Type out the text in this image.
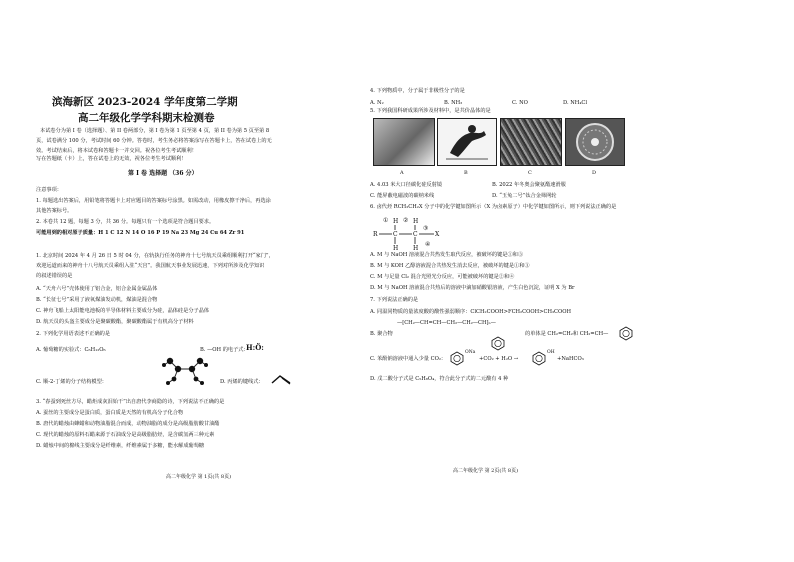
滨海新区 2023-2024 学年度第二学期
高二年级化学学科期末检测卷
本试卷分为第 I 卷（选择题）、第 II 卷两部分，第 I 卷为第 1 页至第 4 页，第 II 卷为第 5 页至第 8
页，试卷满分 100 分，考试时间 60 分钟。答卷时，考生务必将答案涂写在答题卡上，答在试卷上的无
效。考试结束后，将本试卷和答题卡一并交回。祝各位考生考试顺利！
写在答题纸（卡）上，答在试卷上的无效，祝各位考生考试顺利！
第 I 卷 选择题 （36 分）
注意事项：
1. 每题选出答案后，用铅笔将答题卡上对应题目的答案标号涂黑。如需改动，用橡皮擦干净后，再选涂
其他答案标号。
2. 本卷共 12 题，每题 3 分，共 36 分。每题只有一个选项是符合题目要求。
可能用到的相对原子质量：H 1 C 12 N 14 O 16 P 19 Na 23 Mg 24 Cu 64 Zr 91
1. 北京时间 2024 年 4 月 26 日 5 时 04 分，在轨执行任务的神舟十七号航天员乘组顺利打开“家门”，
欢迎远道而来的神舟十八号航天员乘组入驻“天宫”。我国航天事业发展迅速，下列对所涉及化学知识
的叙述错误的是
A. “天舟六号”壳体使用了铝合金，铝合金属金属晶体
B. “长征七号”采用了液氧煤油发动机，煤油是混合物
C. 神舟飞船上太阳能电池板的半导体材料主要成分为硅，晶体硅是分子晶体
D. 航天员的头盔主要成分是聚碳酸酯，聚碳酸酯属于有机高分子材料
2. 下列化学用语表述不正确的是
A. 葡萄糖的实验式：C₆H₁₂O₆	B. —OH 的电子式：
H:Ö:
C. 顺-2-丁烯的分子结构模型：	D. 丙烯的键线式：
3. “春蚕到死丝方尽，蜡炬成灰泪始干”出自唐代李商隐的诗，下列说法不正确的是
A. 蚕丝的主要成分是蛋白质，蛋白质是天然的有机高分子化合物
B. 唐代的蜡烛由蜂蜡和动物油脂混合而成，动物油脂的成分是高级脂肪酸甘油酯
C. 现代的蜡烛的原料石蜡来源于石油成分是高级脂肪烃，是含碳氢两三种元素
D. 蜡烛中间的棉线主要成分是纤维素，纤维素属于多糖，能水解成葡萄糖
高二年级化学 第 1页(共 8页)
4. 下列物质中，分子属于非极性分子的是
A. N₂	B. NH₃	C. NO	D. NH₄Cl
5. 下列我国科研成果所涉及材料中，是共价晶体的是
A	B	C	D
A. 4.03 米大口径碳化硅反射镜	B. 2022 年冬奥会聚氨酯速滑服
C. 能屏蔽电磁波的碳纳米线	D. “玉兔二号”钛合金筛网轮
6. 卤代烃 RCH₂CH₂X 分子中的化学键如图所示（X 为卤素原子）中化学键如图所示，则下列说法正确的是
R	C	C	X
H H
H H
① ②
③
④
A. M 与 NaOH 溶液混合共热发生取代反应，被破坏的键是①和③
B. M 与 KOH 乙醇溶液混合共热发生消去反应，被破坏的键是①和③
C. M 与足量 Cl₂ 混合光照光分反应，可能被破坏的键是②和④
D. M 与 NaOH 溶液混合共热后的溶液中滴加硝酸银溶液，产生白色沉淀，证明 X 为 Br
7. 下列说法正确的是
A. 同温同物质的量浓度酸的酸性强弱顺序：ClCH₂COOH>FCH₂COOH>CH₃COOH
—[CH₂—CH=CH—CH₂—CH₂—CH]ₙ—
B. 聚合物	的单体是 CH₂=CH₂和 CH₂=CH—
C. 苯酚钠溶液中通入少量 CO₂：
ONa
+CO₂ + H₂O →
OH
+NaHCO₃
D. 戊二酸分子式是 C₅H₈O₄，符合此分子式的二元酸有 4 种
高二年级化学 第 2页(共 8页)
